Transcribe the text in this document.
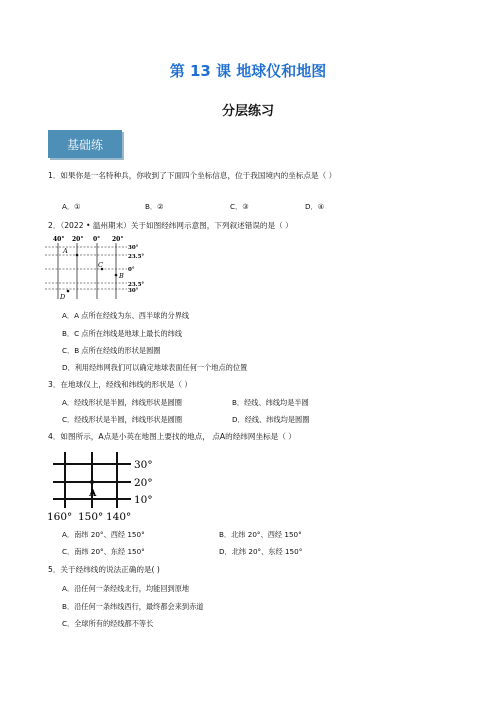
第 13 课 地球仪和地图
分层练习
基础练
1．如果你是一名特种兵，你收到了下面四个坐标信息，位于我国境内的坐标点是（ ）
A．①	B．②	C．③	D．④
2．（2022 • 温州期末）关于如图经纬网示意图，下列叙述错误的是（ ）
40° 20° 0° 20°
30°
23.5°
0°
23.5°
30°
A
B
C
D
A．A 点所在经线为东、西半球的分界线
B．C 点所在纬线是地球上最长的纬线
C．B 点所在经线的形状是圆圈
D．利用经纬网我们可以确定地球表面任何一个地点的位置
3．在地球仪上，经线和纬线的形状是（ ）
A．经线形状是半圆，纬线形状是圆圈	B．经线、纬线均是半圆
C．经线形状是半圆，纬线形状是圆圈	D．经线、纬线均是圆圈
4．如图所示，A点是小英在地图上要找的地点， 点A的经纬网坐标是（ ）
30°
20°
10°
160° 150° 140°
A
A．南纬 20°、西经 150°	B．北纬 20°、西经 150°
C．南纬 20°、东经 150°	D．北纬 20°、东经 150°
5．关于经纬线的说法正确的是( )
A．沿任何一条经线北行，均能回到原地
B．沿任何一条纬线西行，最终都会来到赤道
C．全球所有的经线都不等长
